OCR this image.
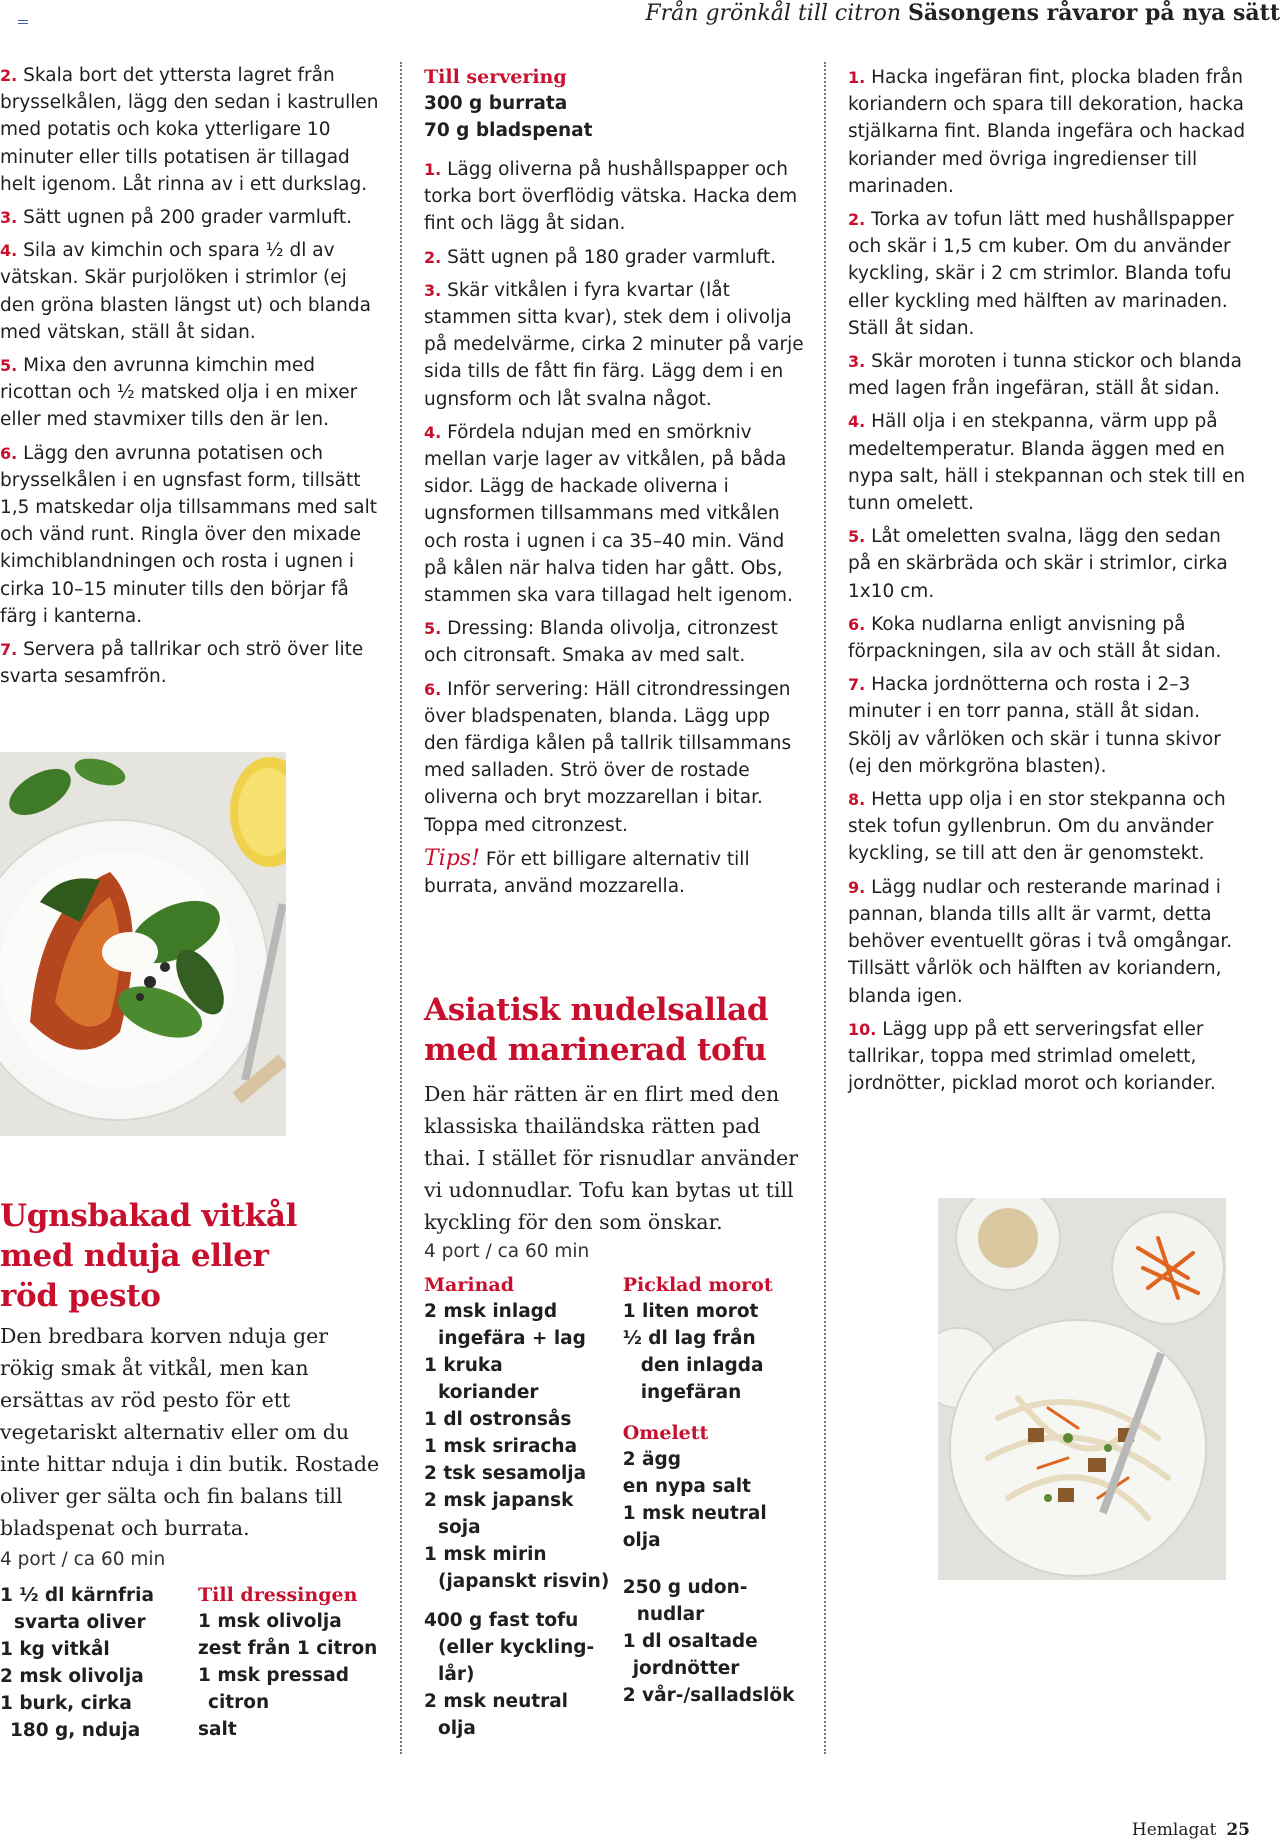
Från grönkål till citron Säsongens råvaror på nya sätt
2. Skala bort det yttersta lagret från brysselkålen, lägg den sedan i kastrullen med potatis och koka ytterligare 10 minuter eller tills potatisen är tillagad helt igenom. Låt rinna av i ett durkslag.
3. Sätt ugnen på 200 grader varmluft.
4. Sila av kimchin och spara ½ dl av vätskan. Skär purjolöken i strimlor (ej den gröna blasten längst ut) och blanda med vätskan, ställ åt sidan.
5. Mixa den avrunna kimchin med ricottan och ½ matsked olja i en mixer eller med stavmixer tills den är len.
6. Lägg den avrunna potatisen och brysselkålen i en ugnsfast form, tillsätt 1,5 matskedar olja tillsammans med salt och vänd runt. Ringla över den mixade kimchiblandningen och rosta i ugnen i cirka 10–15 minuter tills den börjar få färg i kanterna.
7. Servera på tallrikar och strö över lite svarta sesamfrön.
Ugnsbakad vitkål med nduja eller röd pesto
Den bredbara korven nduja ger rökig smak åt vitkål, men kan ersättas av röd pesto för ett vegetariskt alternativ eller om du inte hittar nduja i din butik. Rostade oliver ger sälta och fin balans till bladspenat och burrata.
4 port / ca 60 min
1 ½ dl kärnfria
svarta oliver
1 kg vitkål
2 msk olivolja
1 burk, cirka
180 g, nduja
Till dressingen
1 msk olivolja
zest från 1 citron
1 msk pressad
citron
salt
Till servering
300 g burrata
70 g bladspenat
1. Lägg oliverna på hushållspapper och torka bort överflödig vätska. Hacka dem fint och lägg åt sidan.
2. Sätt ugnen på 180 grader varmluft.
3. Skär vitkålen i fyra kvartar (låt stammen sitta kvar), stek dem i olivolja på medelvärme, cirka 2 minuter på varje sida tills de fått fin färg. Lägg dem i en ugnsform och låt svalna något.
4. Fördela ndujan med en smörkniv mellan varje lager av vitkålen, på båda sidor. Lägg de hackade oliverna i ugnsformen tillsammans med vitkålen och rosta i ugnen i ca 35–40 min. Vänd på kålen när halva tiden har gått. Obs, stammen ska vara tillagad helt igenom.
5. Dressing: Blanda olivolja, citronzest och citronsaft. Smaka av med salt.
6. Inför servering: Häll citrondressingen över bladspenaten, blanda. Lägg upp den färdiga kålen på tallrik tillsammans med salladen. Strö över de rostade oliverna och bryt mozzarellan i bitar. Toppa med citronzest.
Tips! För ett billigare alternativ till burrata, använd mozzarella.
Asiatisk nudelsallad med marinerad tofu
Den här rätten är en flirt med den klassiska thailändska rätten pad thai. I stället för risnudlar använder vi udonnudlar. Tofu kan bytas ut till kyckling för den som önskar.
4 port / ca 60 min
Marinad
2 msk inlagd
ingefära + lag
1 kruka
koriander
1 dl ostronsås
1 msk sriracha
2 tsk sesamolja
2 msk japansk
soja
1 msk mirin
(japanskt risvin)
400 g fast tofu
(eller kyckling-
lår)
2 msk neutral
olja
Picklad morot
1 liten morot
½ dl lag från
den inlagda
ingefäran
Omelett
2 ägg
en nypa salt
1 msk neutral olja
250 g udon-
nudlar
1 dl osaltade
jordnötter
2 vår-/salladslök
1. Hacka ingefäran fint, plocka bladen från koriandern och spara till dekoration, hacka stjälkarna fint. Blanda ingefära och hackad koriander med övriga ingredienser till marinaden.
2. Torka av tofun lätt med hushållspapper och skär i 1,5 cm kuber. Om du använder kyckling, skär i 2 cm strimlor. Blanda tofu eller kyckling med hälften av marinaden. Ställ åt sidan.
3. Skär moroten i tunna stickor och blanda med lagen från ingefäran, ställ åt sidan.
4. Häll olja i en stekpanna, värm upp på medeltemperatur. Blanda äggen med en nypa salt, häll i stekpannan och stek till en tunn omelett.
5. Låt omeletten svalna, lägg den sedan på en skärbräda och skär i strimlor, cirka 1x10 cm.
6. Koka nudlarna enligt anvisning på förpackningen, sila av och ställ åt sidan.
7. Hacka jordnötterna och rosta i 2–3 minuter i en torr panna, ställ åt sidan. Skölj av vårlöken och skär i tunna skivor (ej den mörkgröna blasten).
8. Hetta upp olja i en stor stekpanna och stek tofun gyllenbrun. Om du använder kyckling, se till att den är genomstekt.
9. Lägg nudlar och resterande marinad i pannan, blanda tills allt är varmt, detta behöver eventuellt göras i två omgångar. Tillsätt vårlök och hälften av koriandern, blanda igen.
10. Lägg upp på ett serveringsfat eller tallrikar, toppa med strimlad omelett, jordnötter, picklad morot och koriander.
Hemlagat 25
